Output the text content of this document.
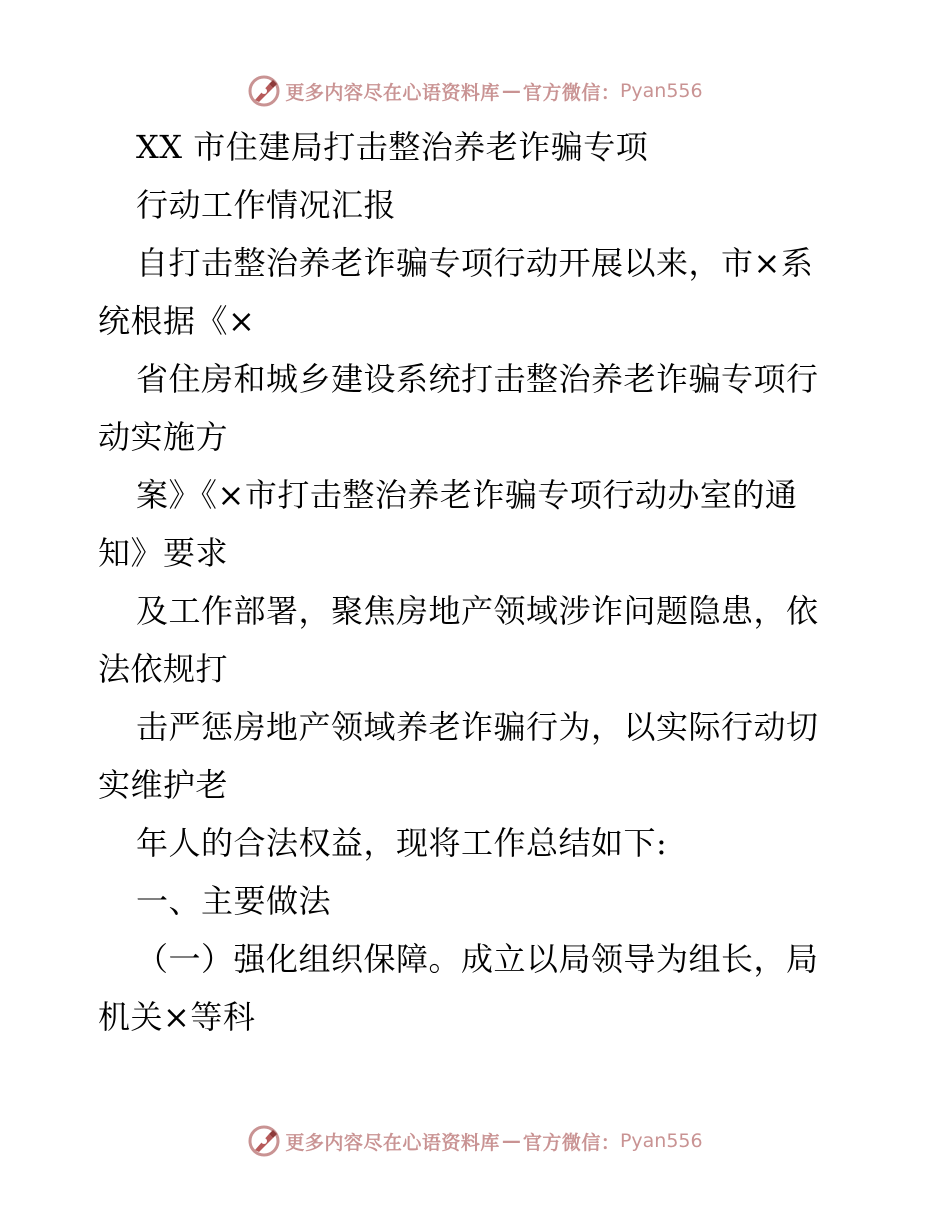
更多内容尽在心语资料库 — 官方微信 ： Pyan556
XX 市住建局打击整治养老诈骗专项
行动工作情况汇报
自打击整治养老诈骗专项行动开展以来，市×系
统根据《×
省住房和城乡建设系统打击整治养老诈骗专项行
动实施方
案》《×市打击整治养老诈骗专项行动办室的通
知》要求
及工作部署，聚焦房地产领域涉诈问题隐患，依
法依规打
击严惩房地产领域养老诈骗行为，以实际行动切
实维护老
年人的合法权益，现将工作总结如下:
一、主要做法
（一）强化组织保障。成立以局领导为组长，局
机关×等科
更多内容尽在心语资料库 — 官方微信 ： Pyan556
